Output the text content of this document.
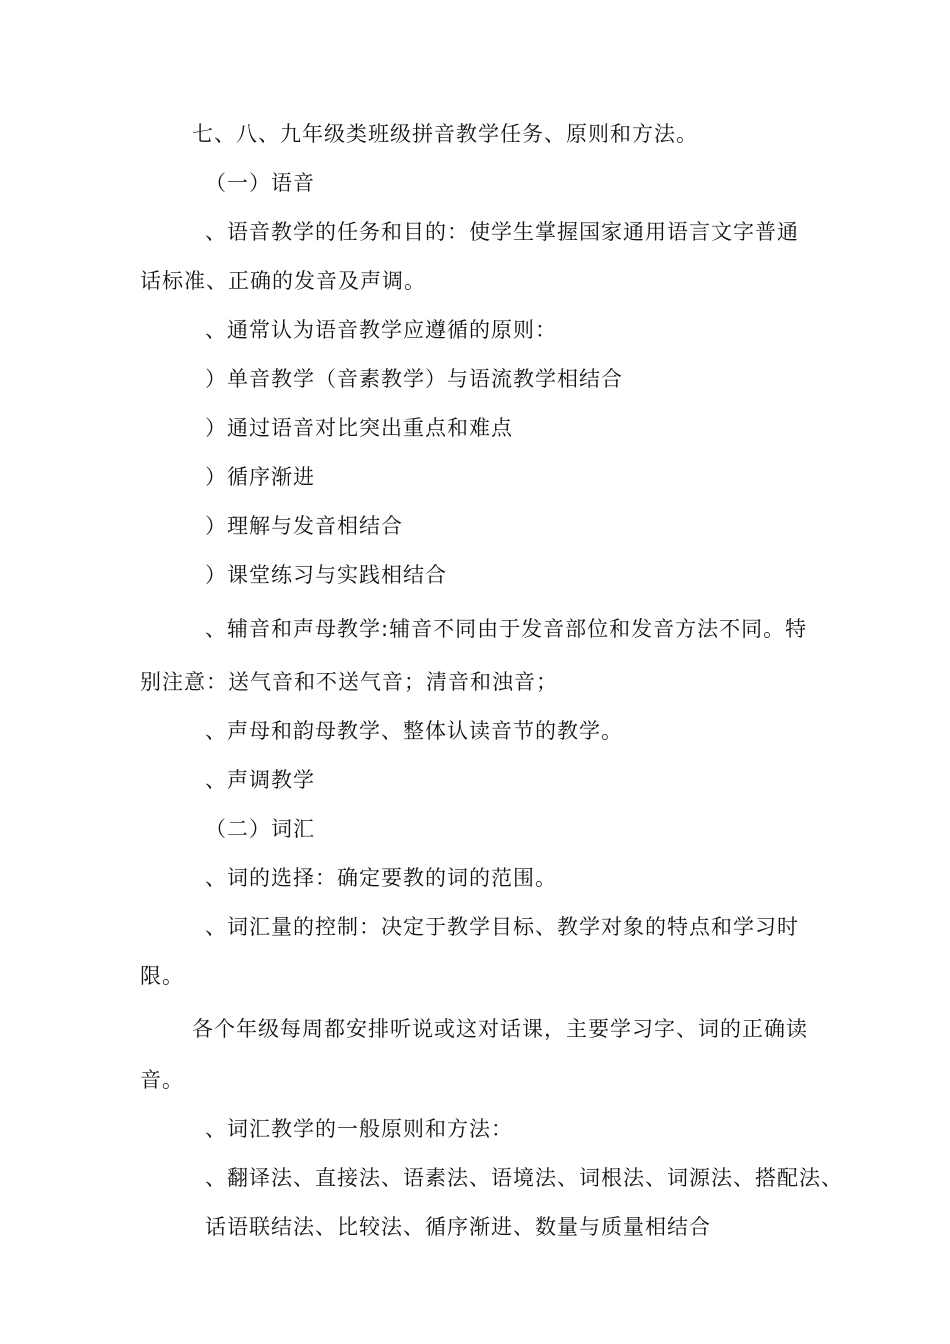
七、八、九年级类班级拼音教学任务、原则和方法。

（一）语音

、语音教学的任务和目的：使学生掌握国家通用语言文字普通

话标准、正确的发音及声调。

、通常认为语音教学应遵循的原则：

）单音教学（音素教学）与语流教学相结合

）通过语音对比突出重点和难点

）循序渐进

）理解与发音相结合

）课堂练习与实践相结合

、辅音和声母教学:辅音不同由于发音部位和发音方法不同。特

别注意：送气音和不送气音；清音和浊音；

、声母和韵母教学、整体认读音节的教学。

、声调教学

（二）词汇

、词的选择：确定要教的词的范围。

、词汇量的控制：决定于教学目标、教学对象的特点和学习时

限。

各个年级每周都安排听说或这对话课，主要学习字、词的正确读

音。

、词汇教学的一般原则和方法：

、翻译法、直接法、语素法、语境法、词根法、词源法、搭配法、

话语联结法、比较法、循序渐进、数量与质量相结合
